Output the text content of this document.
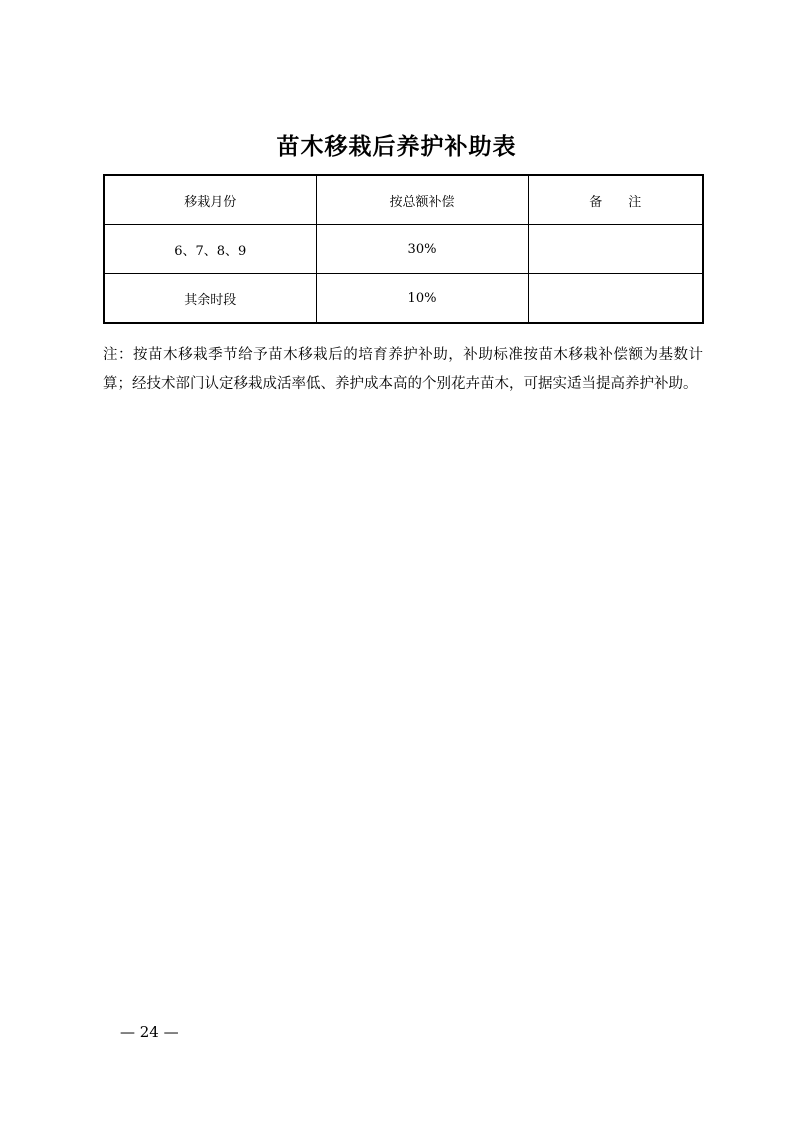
苗木移栽后养护补助表
移栽月份	按总额补偿	备　　注
6、7、8、9	30%	
其余时段	10%	
注：按苗木移栽季节给予苗木移栽后的培育养护补助，补助标准按苗木移栽补偿额为基数计算；经技术部门认定移栽成活率低、养护成本高的个别花卉苗木，可据实适当提高养护补助。
— 24 —
